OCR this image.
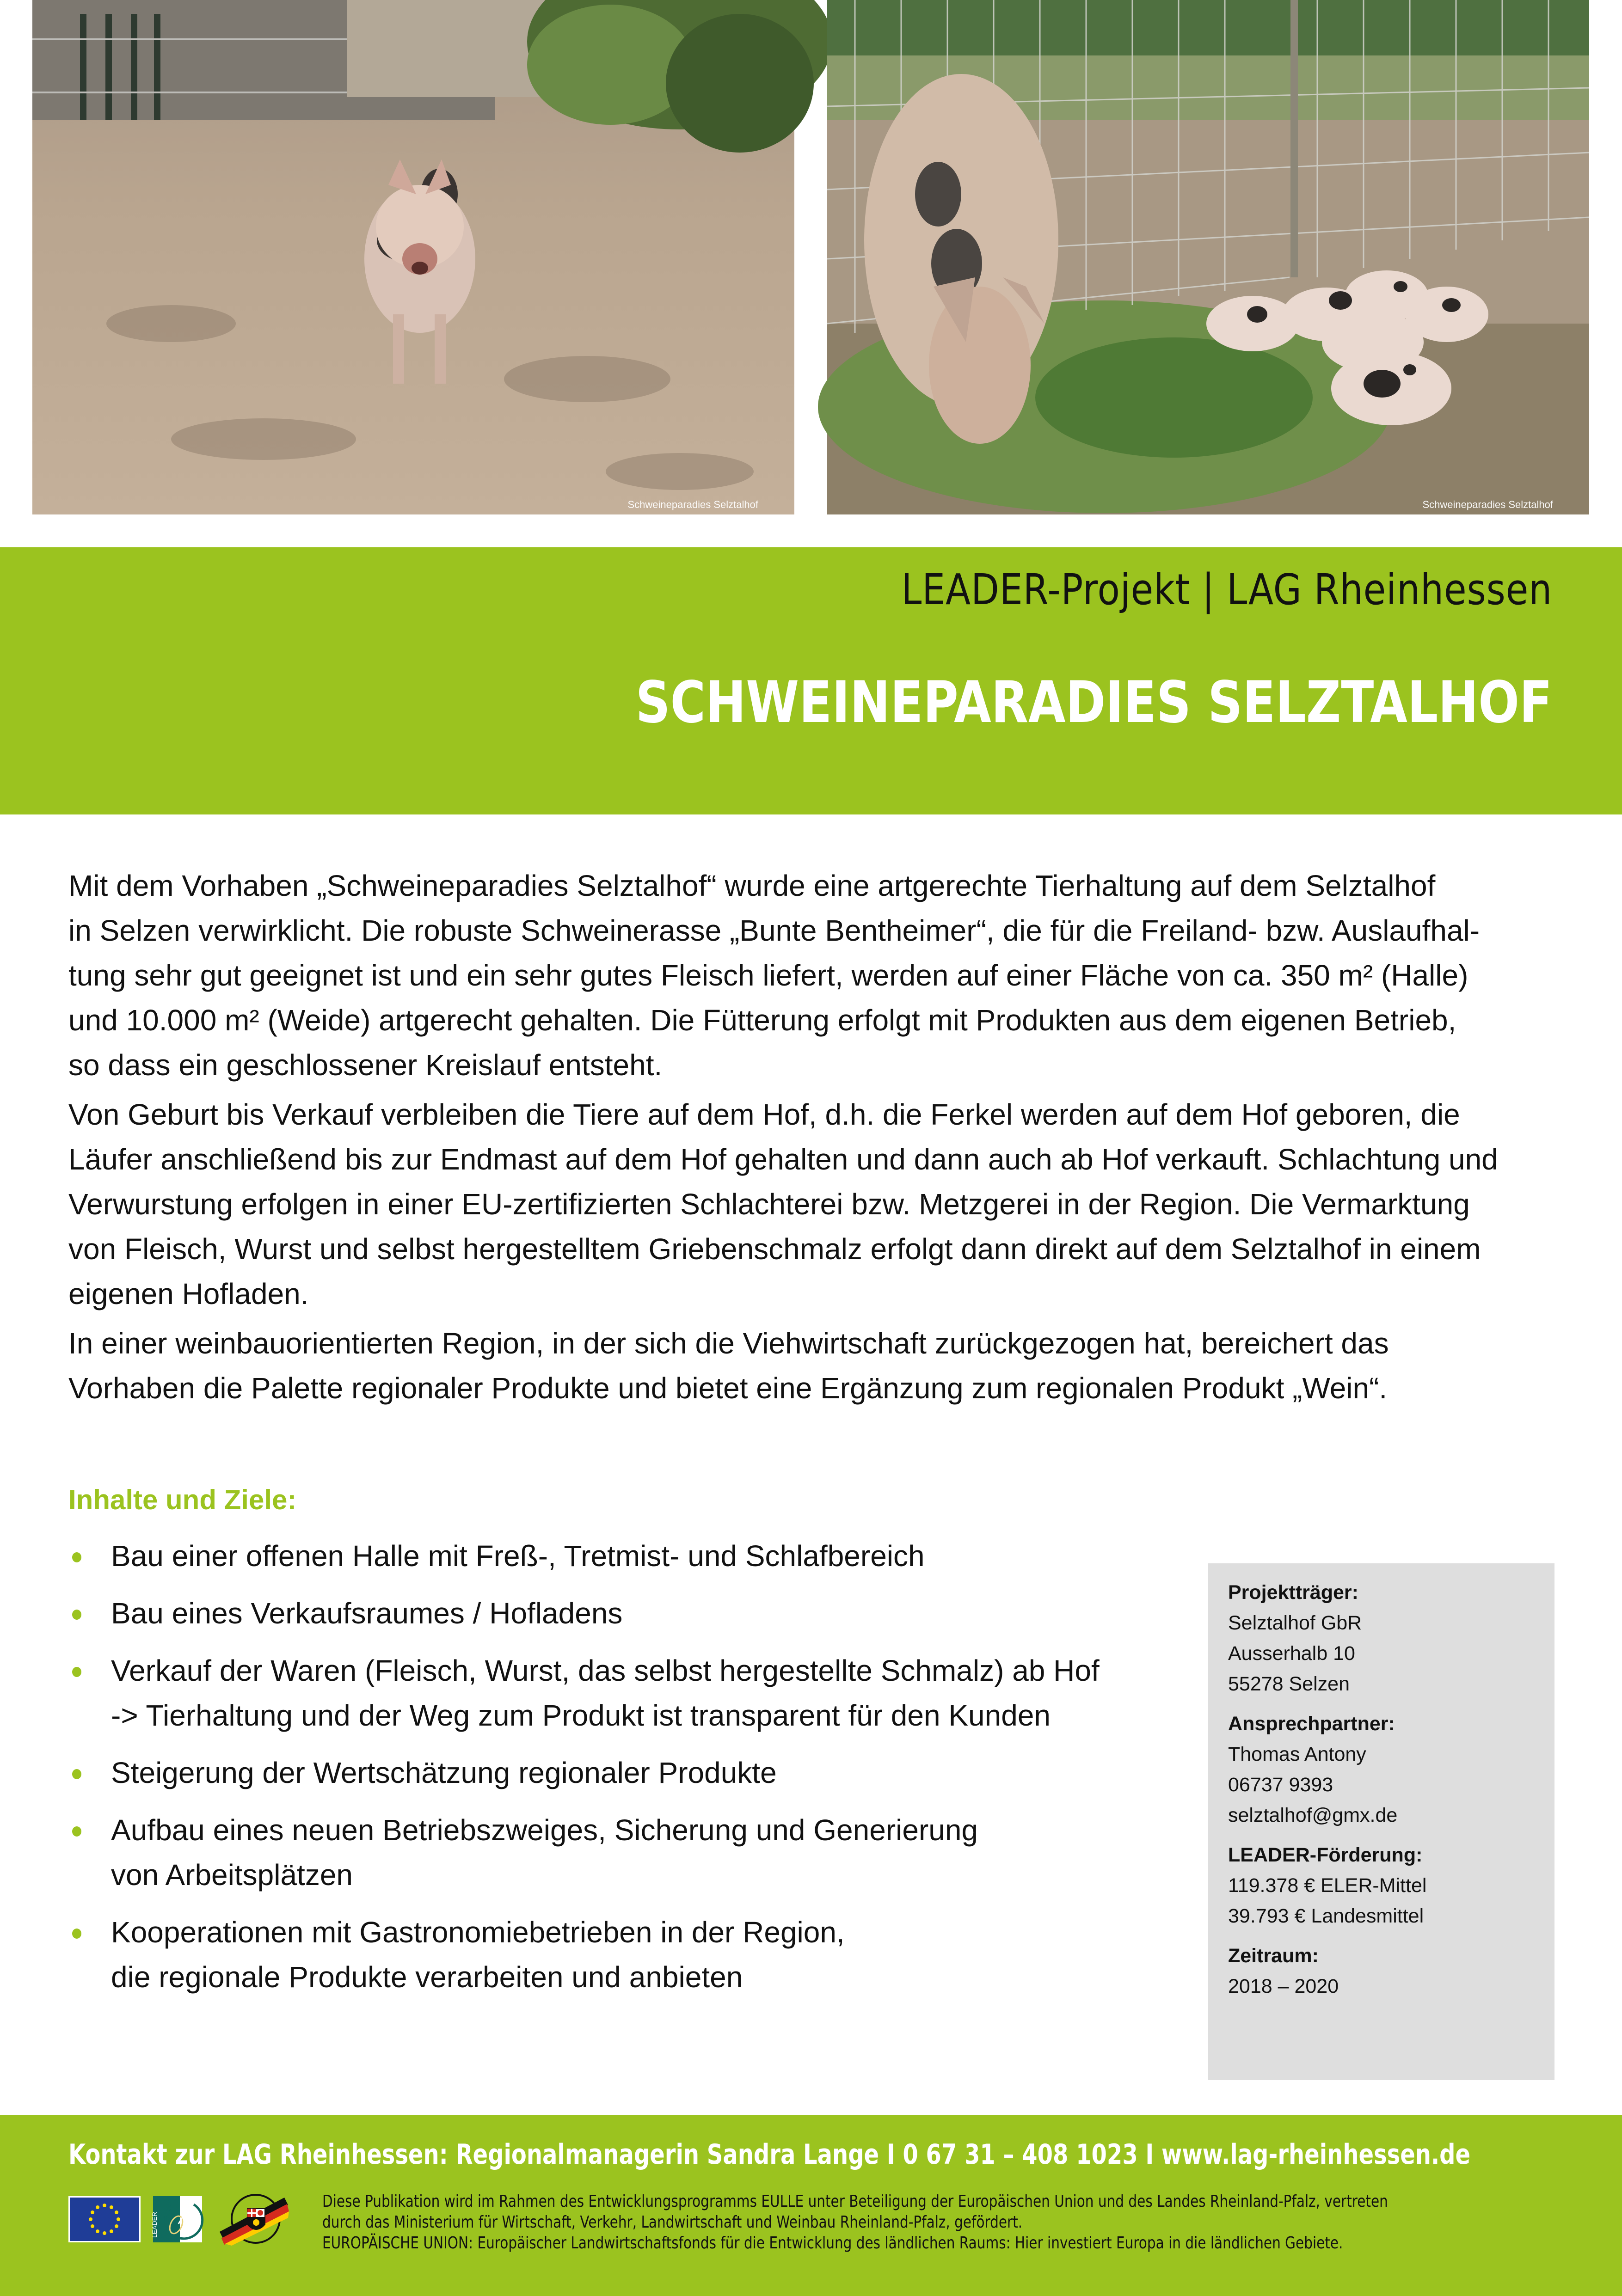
Schweineparadies Selztalhof	Schweineparadies Selztalhof
LEADER-Projekt | LAG Rheinhessen
SCHWEINEPARADIES SELZTALHOF

Mit dem Vorhaben „Schweineparadies Selztalhof“ wurde eine artgerechte Tierhaltung auf dem Selztalhof
in Selzen verwirklicht. Die robuste Schweinerasse „Bunte Bentheimer“, die für die Freiland- bzw. Auslaufhal-
tung sehr gut geeignet ist und ein sehr gutes Fleisch liefert, werden auf einer Fläche von ca. 350 m² (Halle)
und 10.000 m² (Weide) artgerecht gehalten. Die Fütterung erfolgt mit Produkten aus dem eigenen Betrieb,
so dass ein geschlossener Kreislauf entsteht.

Von Geburt bis Verkauf verbleiben die Tiere auf dem Hof, d.h. die Ferkel werden auf dem Hof geboren, die
Läufer anschließend bis zur Endmast auf dem Hof gehalten und dann auch ab Hof verkauft. Schlachtung und
Verwurstung erfolgen in einer EU-zertifizierten Schlachterei bzw. Metzgerei in der Region. Die Vermarktung
von Fleisch, Wurst und selbst hergestelltem Griebenschmalz erfolgt dann direkt auf dem Selztalhof in einem
eigenen Hofladen.

In einer weinbauorientierten Region, in der sich die Viehwirtschaft zurückgezogen hat, bereichert das
Vorhaben die Palette regionaler Produkte und bietet eine Ergänzung zum regionalen Produkt „Wein“.

Inhalte und Ziele:
Bau einer offenen Halle mit Freß-, Tretmist- und Schlafbereich
Bau eines Verkaufsraumes / Hofladens
Verkauf der Waren (Fleisch, Wurst, das selbst hergestellte Schmalz) ab Hof
-> Tierhaltung und der Weg zum Produkt ist transparent für den Kunden
Steigerung der Wertschätzung regionaler Produkte
Aufbau eines neuen Betriebszweiges, Sicherung und Generierung
von Arbeitsplätzen
Kooperationen mit Gastronomiebetrieben in der Region,
die regionale Produkte verarbeiten und anbieten
Projektträger:
Selztalhof GbR
Ausserhalb 10
55278 Selzen
Ansprechpartner:
Thomas Antony
06737 9393
selztalhof@gmx.de
LEADER-Förderung:
119.378 € ELER-Mittel
39.793 € Landesmittel
Zeitraum:
2018 – 2020
Kontakt zur LAG Rheinhessen: Regionalmanagerin Sandra Lange I 0 67 31 – 408 1023 I www.lag-rheinhessen.de
LEADER
Diese Publikation wird im Rahmen des Entwicklungsprogramms EULLE unter Beteiligung der Europäischen Union und des Landes Rheinland-Pfalz, vertreten
durch das Ministerium für Wirtschaft, Verkehr, Landwirtschaft und Weinbau Rheinland-Pfalz, gefördert.
EUROPÄISCHE UNION: Europäischer Landwirtschaftsfonds für die Entwicklung des ländlichen Raums: Hier investiert Europa in die ländlichen Gebiete.
